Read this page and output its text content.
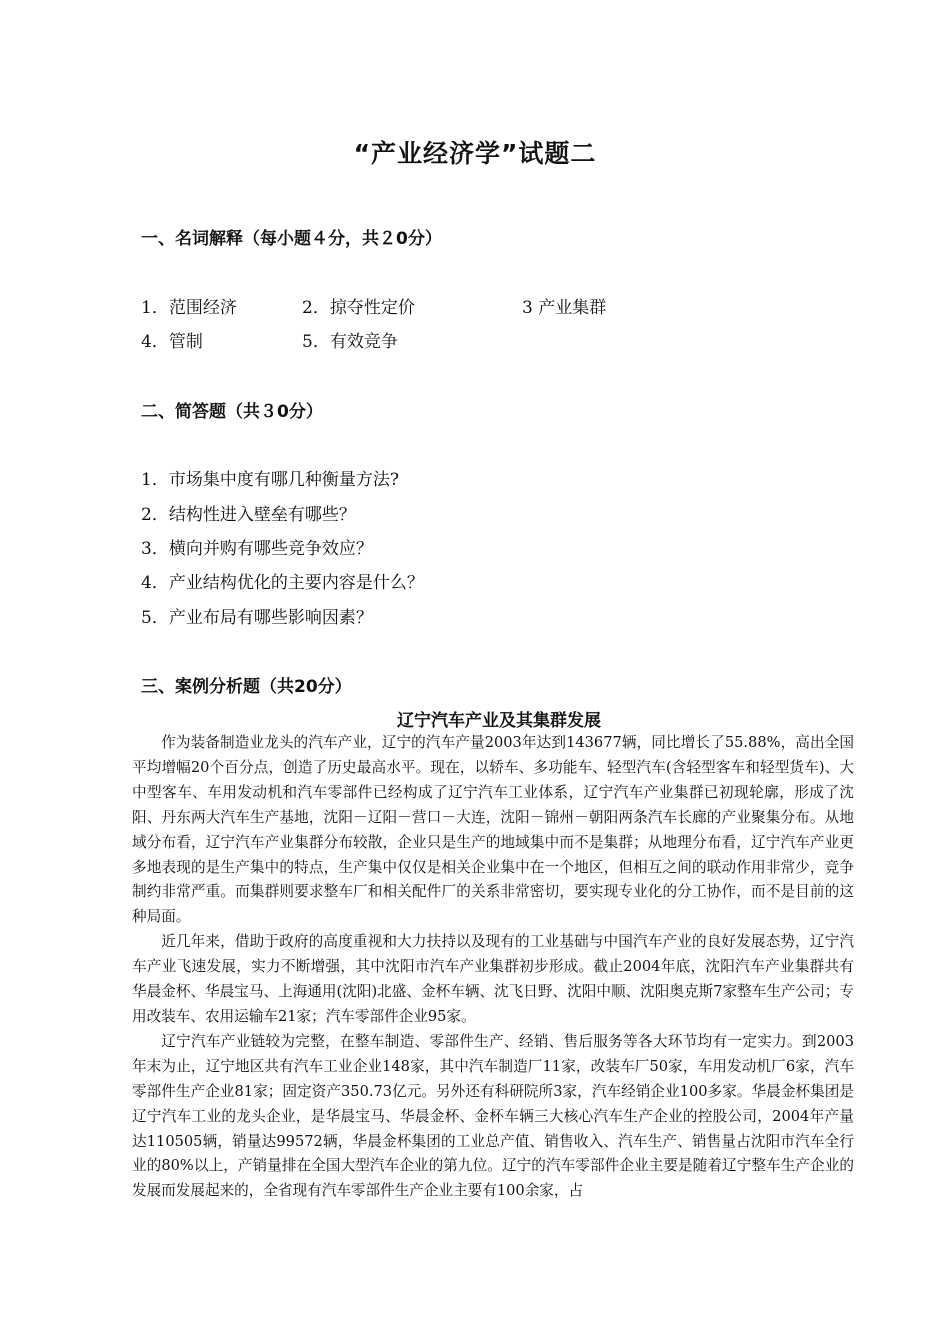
“产业经济学”试题二
一、名词解释（每小题４分，共２0分）
1．范围经济	2．掠夺性定价	3 产业集群
4．管制	5．有效竞争
二、简答题（共３0分）
1．市场集中度有哪几种衡量方法?
2．结构性进入壁垒有哪些？
3．横向并购有哪些竞争效应？
4．产业结构优化的主要内容是什么？
5．产业布局有哪些影响因素？
三、案例分析题（共20分）
辽宁汽车产业及其集群发展

作为装备制造业龙头的汽车产业，辽宁的汽车产量2003年达到143677辆，同比增长了55.88%，高出全国平均增幅20个百分点，创造了历史最高水平。现在，以轿车、多功能车、轻型汽车(含轻型客车和轻型货车)、大中型客车、车用发动机和汽车零部件已经构成了辽宁汽车工业体系，辽宁汽车产业集群已初现轮廓，形成了沈阳、丹东两大汽车生产基地，沈阳－辽阳－营口－大连，沈阳－锦州－朝阳两条汽车长廊的产业聚集分布。从地域分布看，辽宁汽车产业集群分布较散，企业只是生产的地域集中而不是集群；从地理分布看，辽宁汽车产业更多地表现的是生产集中的特点，生产集中仅仅是相关企业集中在一个地区，但相互之间的联动作用非常少，竞争制约非常严重。而集群则要求整车厂和相关配件厂的关系非常密切，要实现专业化的分工协作，而不是目前的这种局面。

近几年来，借助于政府的高度重视和大力扶持以及现有的工业基础与中国汽车产业的良好发展态势，辽宁汽车产业飞速发展，实力不断增强，其中沈阳市汽车产业集群初步形成。截止2004年底，沈阳汽车产业集群共有华晨金杯、华晨宝马、上海通用(沈阳)北盛、金杯车辆、沈飞日野、沈阳中顺、沈阳奥克斯7家整车生产公司；专用改装车、农用运输车21家；汽车零部件企业95家。

辽宁汽车产业链较为完整，在整车制造、零部件生产、经销、售后服务等各大环节均有一定实力。到2003年末为止，辽宁地区共有汽车工业企业148家，其中汽车制造厂11家，改装车厂50家，车用发动机厂6家，汽车零部件生产企业81家；固定资产350.73亿元。另外还有科研院所3家，汽车经销企业100多家。华晨金杯集团是辽宁汽车工业的龙头企业，是华晨宝马、华晨金杯、金杯车辆三大核心汽车生产企业的控股公司，2004年产量达110505辆，销量达99572辆，华晨金杯集团的工业总产值、销售收入、汽车生产、销售量占沈阳市汽车全行业的80%以上，产销量排在全国大型汽车企业的第九位。辽宁的汽车零部件企业主要是随着辽宁整车生产企业的发展而发展起来的，全省现有汽车零部件生产企业主要有100余家，占
